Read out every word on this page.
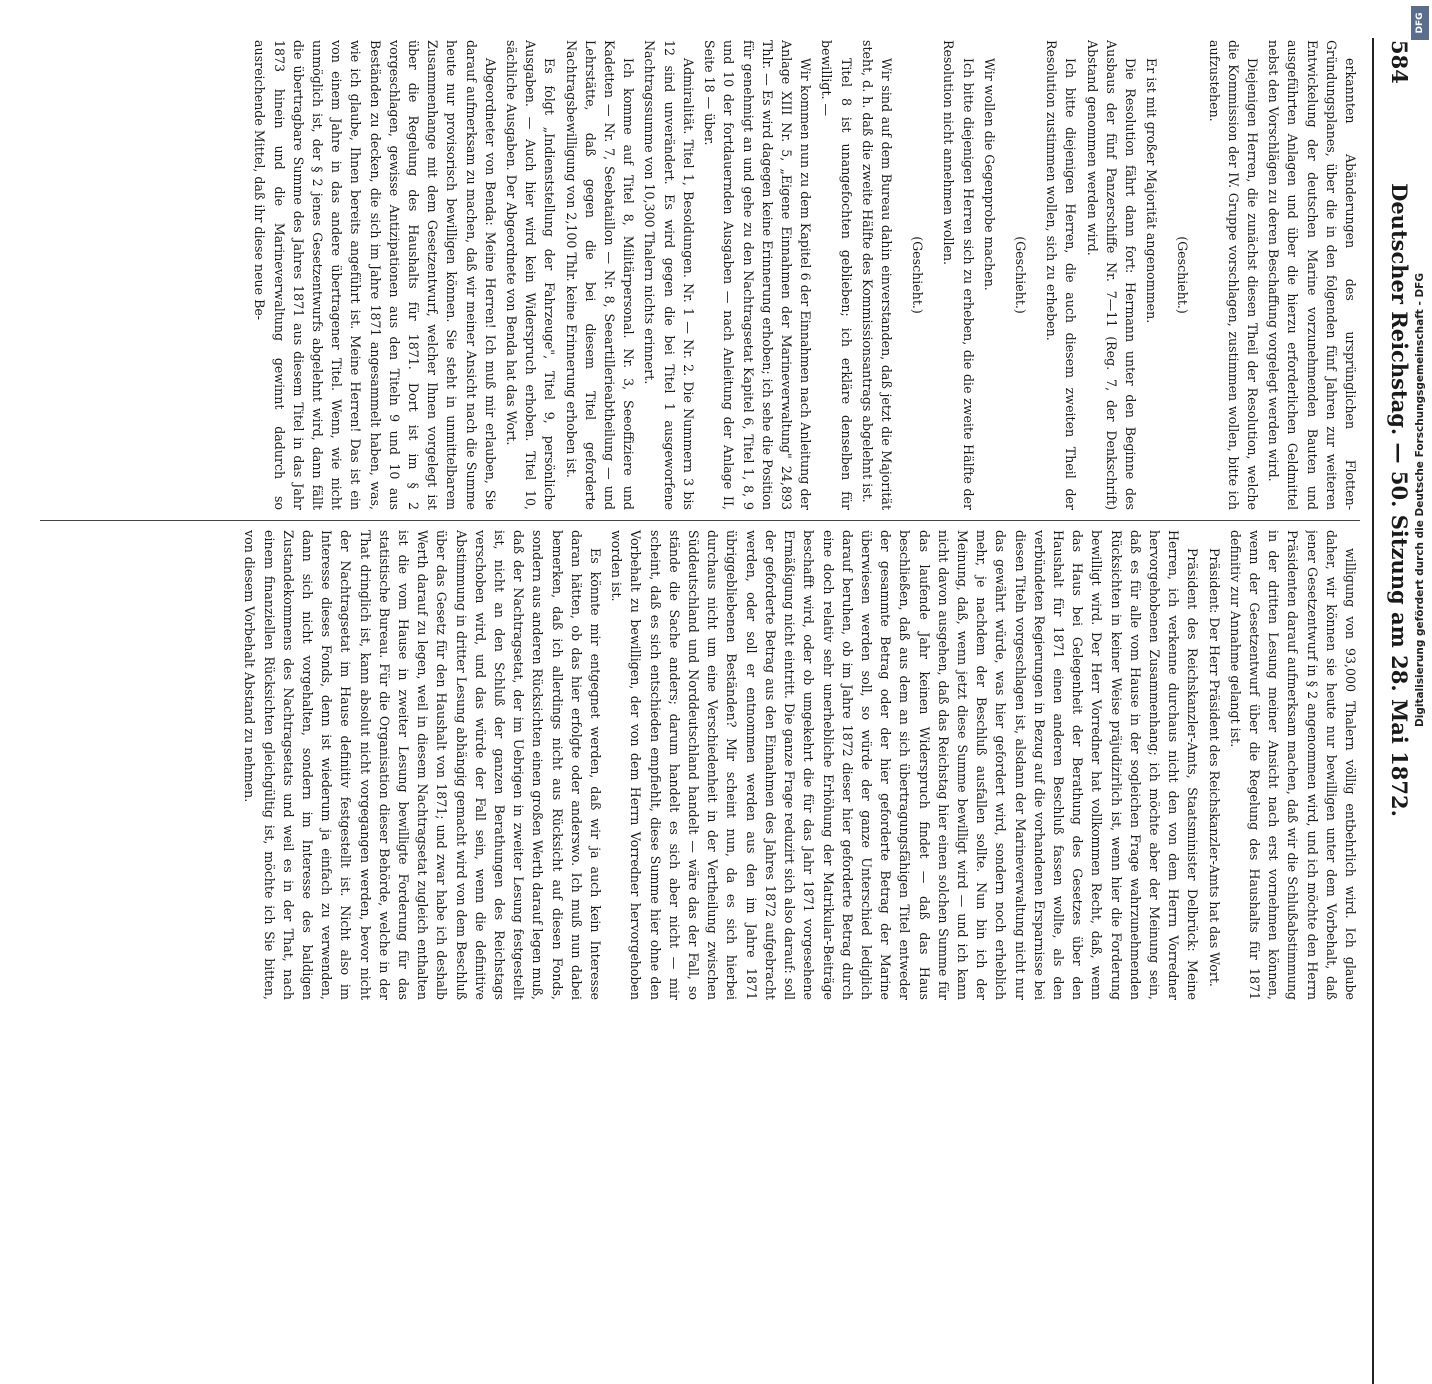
584
Deutscher Reichstag. — 50. Sitzung am 28. Mai 1872.

erkannten Abänderungen des ursprünglichen Flotten-Gründungsplanes, über die in den folgenden fünf Jahren zur weiteren Entwickelung der deutschen Marine vorzunehmenden Bauten und ausgeführten Anlagen und über die hierzu erforderlichen Geldmittel nebst den Vorschlägen zu deren Beschaffung vorgelegt werden wird.

Diejenigen Herren, die zunächst diesen Theil der Resolution, welche die Kommission der IV. Gruppe vorschlagen, zustimmen wollen, bitte ich aufzustehen.

(Geschieht.)

Er ist mit großer Majorität angenommen.

Die Resolution fährt dann fort: Hermann unter den Beginne des Ausbaus der fünf Panzerschiffe Nr. 7—11 (Reg. 7, der Denkschrift) Abstand genommen werden wird.

Ich bitte diejenigen Herren, die auch diesem zweiten Theil der Resolution zustimmen wollen, sich zu erheben.

(Geschieht.)

Wir wollen die Gegenprobe machen.

Ich bitte diejenigen Herren sich zu erheben, die die zweite Hälfte der Resolution nicht annehmen wollen.

(Geschieht.)

Wir sind auf dem Bureau dahin einverstanden, daß jetzt die Majorität steht, d. h. daß die zweite Hälfte des Kommissionsantrags abgelehnt ist.

Titel 8 ist unangefochten geblieben; ich erkläre denselben für bewilligt. —

Wir kommen nun zu dem Kapitel 6 der Einnahmen nach Anleitung der Anlage XIII Nr. 5, „Eigene Einnahmen der Marineverwaltung" 24,893 Thlr. — Es wird dagegen keine Erinnerung erhoben; ich sehe die Position für genehmigt an und gehe zu den Nachtragsetat Kapitel 6, Titel 1, 8, 9 und 10 der fortdauernden Ausgaben — nach Anleitung der Anlage II, Seite 18 — über.

Admiralität. Titel 1, Besoldungen. Nr. 1 — Nr. 2. Die Nummern 3 bis 12 sind unverändert. Es wird gegen die bei Titel 1 ausgeworfene Nachtragssumme von 10,300 Thalern nichts erinnert.

Ich komme auf Titel 8, Militärpersonal. Nr. 3, Seeoffiziere und Kadetten — Nr. 7, Seebataillon — Nr. 8, Seeartillerieabtheilung — und Lehrstätte, daß gegen die bei diesem Titel geforderte Nachtragsbewilligung von 2,100 Thlr. keine Erinnerung erhoben ist.

Es folgt „Indienststellung der Fahrzeuge", Titel 9, persönliche Ausgaben. — Auch hier wird kein Widerspruch erhoben. Titel 10, sächliche Ausgaben. Der Abgeordnete von Benda hat das Wort.

Abgeordneter von Benda: Meine Herren! Ich muß mir erlauben, Sie darauf aufmerksam zu machen, daß wir meiner Ansicht nach die Summe heute nur provisorisch bewilligen können. Sie steht in unmittelbarem Zusammenhange mit dem Gesetzentwurf, welcher Ihnen vorgelegt ist über die Regelung des Haushalts für 1871. Dort ist im § 2 vorgeschlagen, gewisse Antizipationen aus den Titeln 9 und 10 aus Beständen zu decken, die sich im Jahre 1871 angesammelt haben, was, wie ich glaube, Ihnen bereits angeführt ist. Meine Herren! Das ist ein von einem Jahre in das andere übertragener Titel. Wenn, wie nicht unmöglich ist, der § 2 jenes Gesetzentwurfs abgelehnt wird, dann fällt die übertragbare Summe des Jahres 1871 aus diesem Titel in das Jahr 1873 hinein und die Marineverwaltung gewinnt dadurch so ausreichende Mittel, daß ihr diese neue Be-

willigung von 93,000 Thalern völlig entbehrlich wird. Ich glaube daher, wir können sie heute nur bewilligen unter dem Vorbehalt, daß jener Gesetzentwurf in § 2 angenommen wird, und ich möchte den Herrn Präsidenten darauf aufmerksam machen, daß wir die Schlußabstimmung in der dritten Lesung meiner Ansicht nach erst vornehmen können, wenn der Gesetzentwurf über die Regelung des Haushalts für 1871 definitiv zur Annahme gelangt ist.

Präsident: Der Herr Präsident des Reichskanzler-Amts hat das Wort.

Präsident des Reichskanzler-Amts, Staatsminister Delbrück: Meine Herren, ich verkenne durchaus nicht den von dem Herrn Vorredner hervorgehobenen Zusammenhang; ich möchte aber der Meinung sein, daß es für alle vom Hause in der sogleichen Frage wahrzunehmenden Rücksichten in keiner Weise präjudizirlich ist, wenn hier die Forderung bewilligt wird. Der Herr Vorredner hat vollkommen Recht, daß, wenn das Haus bei Gelegenheit der Berathung des Gesetzes über den Haushalt für 1871 einen anderen Beschluß fassen wollte, als den verbündeten Regierungen in Bezug auf die vorhandenen Ersparnisse bei diesen Titeln vorgeschlagen ist, alsdann der Marineverwaltung nicht nur das gewährt würde, was hier gefordert wird, sondern noch erheblich mehr, je nachdem der Beschluß ausfallen sollte. Nun bin ich der Meinung, daß, wenn jetzt diese Summe bewilligt wird — und ich kann nicht davon ausgehen, daß das Reichstag hier einen solchen Summe für das laufende Jahr keinen Widerspruch findet — daß das Haus beschließen, daß aus dem an sich übertragungsfähigen Titel entweder der gesammte Betrag oder der hier geforderte Betrag der Marine überwiesen werden soll, so würde der ganze Unterschied lediglich darauf beruhen, ob im Jahre 1872 dieser hier geforderte Betrag durch eine doch relativ sehr unerhebliche Erhöhung der Matrikular-Beiträge beschafft wird, oder ob umgekehrt die für das Jahr 1871 vorgesehene Ermäßigung nicht eintritt. Die ganze Frage reduzirt sich also darauf: soll der geforderte Betrag aus den Einnahmen des Jahres 1872 aufgebracht werden, oder soll er entnommen werden aus den im Jahre 1871 übriggebliebenen Beständen? Mir scheint nun, da es sich hierbei durchaus nicht um eine Verschiedenheit in der Vertheilung zwischen Süddeutschland und Norddeutschland handelt — wäre das der Fall, so stände die Sache anders; darum handelt es sich aber nicht — mir scheint, daß es sich entschieden empfiehlt, diese Summe hier ohne den Vorbehalt zu bewilligen, der von dem Herrn Vorredner hervorgehoben worden ist.

Es könnte mir entgegnet werden, daß wir ja auch kein Interesse daran hätten, ob das hier erfolgte oder anderswo. Ich muß nun dabei bemerken, daß ich allerdings nicht aus Rücksicht auf diesen Fonds, sondern aus anderen Rücksichten einen großen Werth darauf legen muß, daß der Nachtragsetat, der im Uebrigen in zweiter Lesung festgestellt ist, nicht an den Schluß der ganzen Berathungen des Reichstags verschoben wird, und das würde der Fall sein, wenn die definitive Abstimmung in dritter Lesung abhängig gemacht wird von dem Beschluß über das Gesetz für den Haushalt von 1871; und zwar habe ich deshalb Werth darauf zu legen, weil in diesem Nachtragsetat zugleich enthalten ist die vom Hause in zweiter Lesung bewilligte Forderung für das statistische Bureau. Für die Organisation dieser Behörde, welche in der That dringlich ist, kann absolut nicht vorgegangen werden, bevor nicht der Nachtragsetat im Hause definitiv festgestellt ist. Nicht also im Interesse dieses Fonds, denn ist wiederum ja einfach zu verwenden, dann sich nicht vorgehalten, sondern im Interesse des baldigen Zustandekommens des Nachtragsetats und weil es in der That, nach einem finanziellen Rücksichten gleichgültig ist, möchte ich Sie bitten, von diesem Vorbehalt Abstand zu nehmen.	Digitalisierung gefördert durch die Deutsche Forschungsgemeinschaft - DFG
DFG
